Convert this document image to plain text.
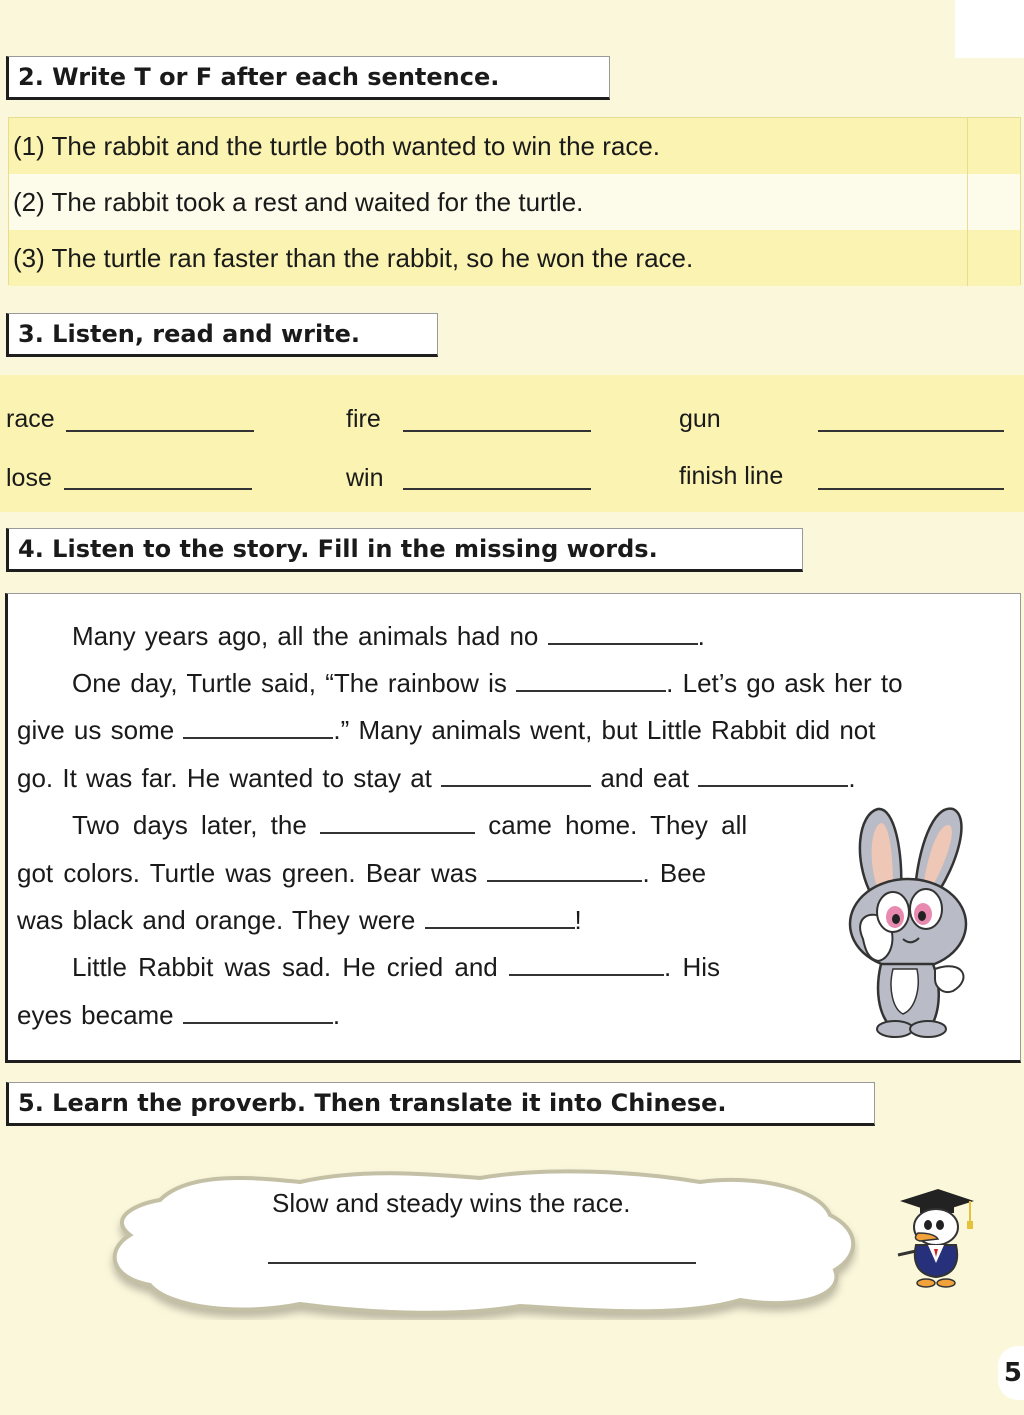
2. Write T or F after each sentence.
(1) The rabbit and the turtle both wanted to win the race.
(2) The rabbit took a rest and waited for the turtle.
(3) The turtle ran faster than the rabbit, so he won the race.
3. Listen, read and write.
race	fire	gun
lose	win	finish line
4. Listen to the story. Fill in the missing words.
Many years ago, all the animals had no	.
One day, Turtle said, “The rainbow is	. Let’s go ask her to
give us some	.” Many animals went, but Little Rabbit did not
go. It was far. He wanted to stay at	and eat	.
Two days later, the	came home. They all
got colors. Turtle was green. Bear was	. Bee
was black and orange. They were	!
Little Rabbit was sad. He cried and	. His
eyes became	.
5. Learn the proverb. Then translate it into Chinese.
Slow and steady wins the race.
5
